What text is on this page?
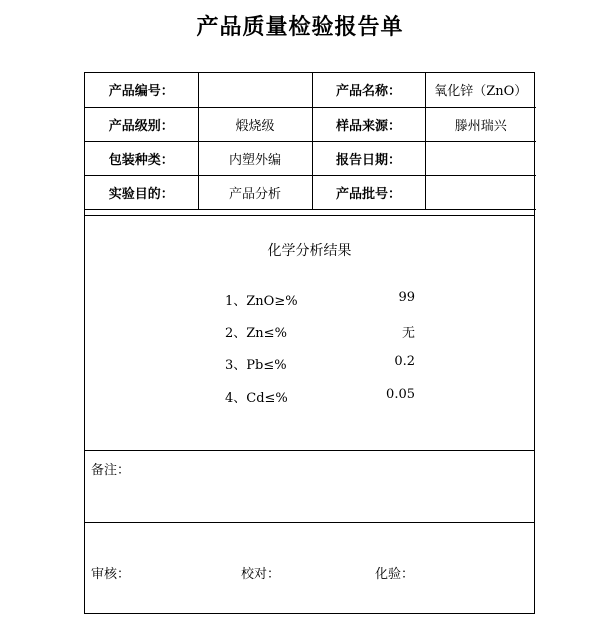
产品质量检验报告单
产品编号：		产品名称：	氧化锌（ZnO）
产品级别：	煅烧级	样品来源：	滕州瑞兴
包装种类：	内塑外编	报告日期：	
实验目的：	产品分析	产品批号：	
化学分析结果
1、ZnO≥%	99
2、Zn≤%	无
3、Pb≤%	0.2
4、Cd≤%	0.05
备注：
审核：	校对：	化验：
